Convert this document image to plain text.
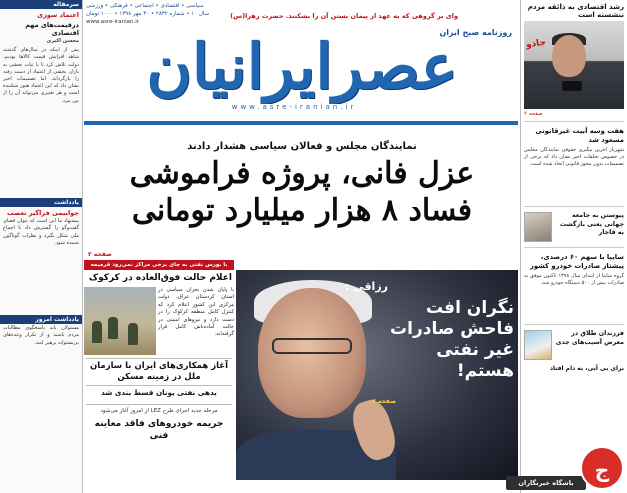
سرمقاله
اعتماد سوزی
درقیمت‌های مهم اقتصادی
محسن اکبری
پس از اینکه در سال‌های گذشته شاهد افزایش قیمت کالاها بودیم، دولت تلاش کرد تا با ثبات بخشی به بازار، بخشی از اعتماد از دست رفته را بازگرداند. اما تصمیمات اخیر نشان داد که این اعتماد هنوز شکننده است و هر تغییری می‌تواند آن را از بین ببرد.
یادداشت
جوابیمی فراگیر تعصب
پیشنهاد ما این است که بتوان فضای گفت‌وگو را گسترش داد تا اجماع ملی شکل بگیرد و نظرات گوناگون شنیده شود.
یادداشت امروز
مسئولان باید پاسخگوی مطالبات مردم باشند و از تکرار وعده‌های بی‌پشتوانه پرهیز کنند.
سیاسی • اقتصادی • اجتماعی • فرهنگی • ورزشی
سال ۱۰ • شماره ۲۸۳۲ • ۳۰ مهر ۱۳۹۸ • ۱۰۰۰ تومان
www.asre-iranian.ir
وای بر گروهی که به عهد از پیمان بستن آن را بشکنند. حضرت زهرا(س)
روزنامه صبح ایران
عصرایرانیان
www.asre-iranian.ir
رشد اقتصادی به ذائقه مردم ننشسته است
جادو
صفحه ۲
هفت وسه آبیت غیرقانونی مسعود شد
شهریار آخرین پیگیری حقوقی نمایندگان مجلس در خصوص تخلفات اخیر نشان داد که برخی از تصمیمات بدون مجوز قانونی اتخاذ شده است.
پیوستن به جامعه جهانی یعنی بازگشت به قاجار
سایپا با سهم ۶۰ درصدی، پیشتاز صادرات خودرو کشور
گروه سایپا از ابتدای سال ۱۳۹۸ تاکنون موفق به صادرات بیش از ۵۰۰ دستگاه خودرو شد.
فرزندان طلاق در معرض آسیب‌های جدی
برای بی آبی، به دام افتاد
نمایندگان مجلس و فعالان سیاسی هشدار دادند
عزل فانی، پروژه فراموشی
فساد ۸ هزار میلیارد تومانی
صفحه ۲
با بورس نفتی به جای برخی مراکز نمی‌رود قرمیمه
رزاقی :
نگران افت فاحش صادرات غیر نفتی هستم!
صفحه ۲
اعلام حالت فوق‌العاده در کرکوک
با پایان شدن بحران سیاسی در استان کردستان عراق، دولت مرکزی این کشور اعلام کرد که کنترل کامل منطقه کرکوک را در دست دارد و نیروهای امنیتی در حالت آماده‌باش کامل قرار گرفته‌اند.
آغاز همکاری‌های ایران با سازمان ملل در زمینه مسکن
بدهی نفتی یونان قسط بندی شد
مرحله جدید اجرای طرح LEZ از امروز آغاز می‌شود
جریمه خودروهای فاقد معاینه فنی
باشگاه خبرنگاران
ج
